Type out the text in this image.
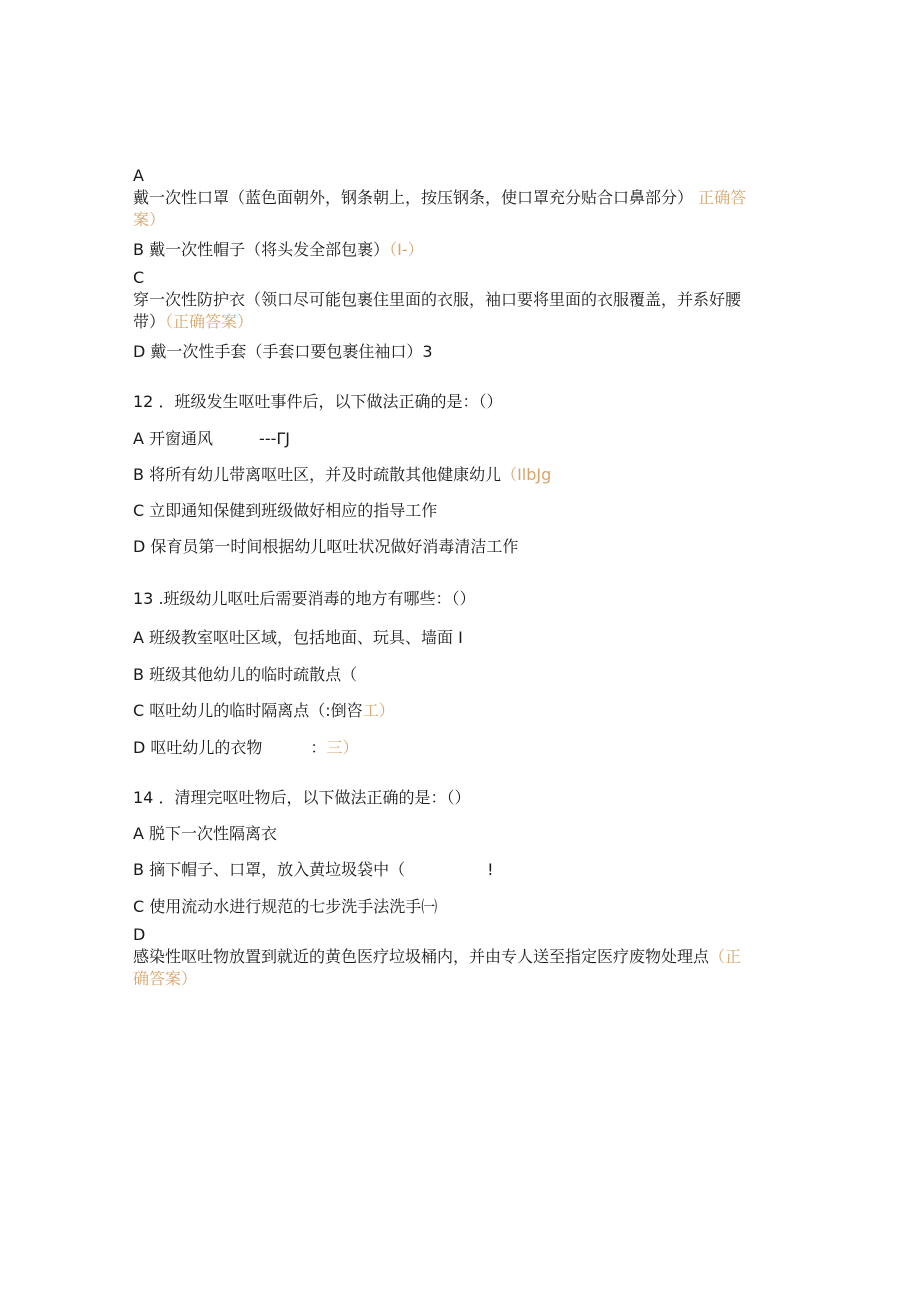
A
戴一次性口罩（蓝色面朝外，钢条朝上，按压钢条，使口罩充分贴合口鼻部分） 正确答
案）
B 戴一次性帽子（将头发全部包裹）（I-）
C
穿一次性防护衣（领口尽可能包裹住里面的衣服，袖口要将里面的衣服覆盖，并系好腰
带）（正确答案）
D 戴一次性手套（手套口要包裹住袖口）3
12 ．班级发生呕吐事件后，以下做法正确的是：（）
A 开窗通风	---ΓJ
B 将所有幼儿带离呕吐区，并及时疏散其他健康幼儿（IlbJg
C 立即通知保健到班级做好相应的指导工作
D 保育员第一时间根据幼儿呕吐状况做好消毒清洁工作
13 .班级幼儿呕吐后需要消毒的地方有哪些：（）
A 班级教室呕吐区域，包括地面、玩具、墙面 I
B 班级其他幼儿的临时疏散点（
C 呕吐幼儿的临时隔离点（:倒咨工）
D 呕吐幼儿的衣物	：三）
14 ．清理完呕吐物后，以下做法正确的是：（）
A 脱下一次性隔离衣
B 摘下帽子、口罩，放入黄垃圾袋中（	!
C 使用流动水进行规范的七步洗手法洗手㈠
D
感染性呕吐物放置到就近的黄色医疗垃圾桶内，并由专人送至指定医疗废物处理点（正
确答案）
